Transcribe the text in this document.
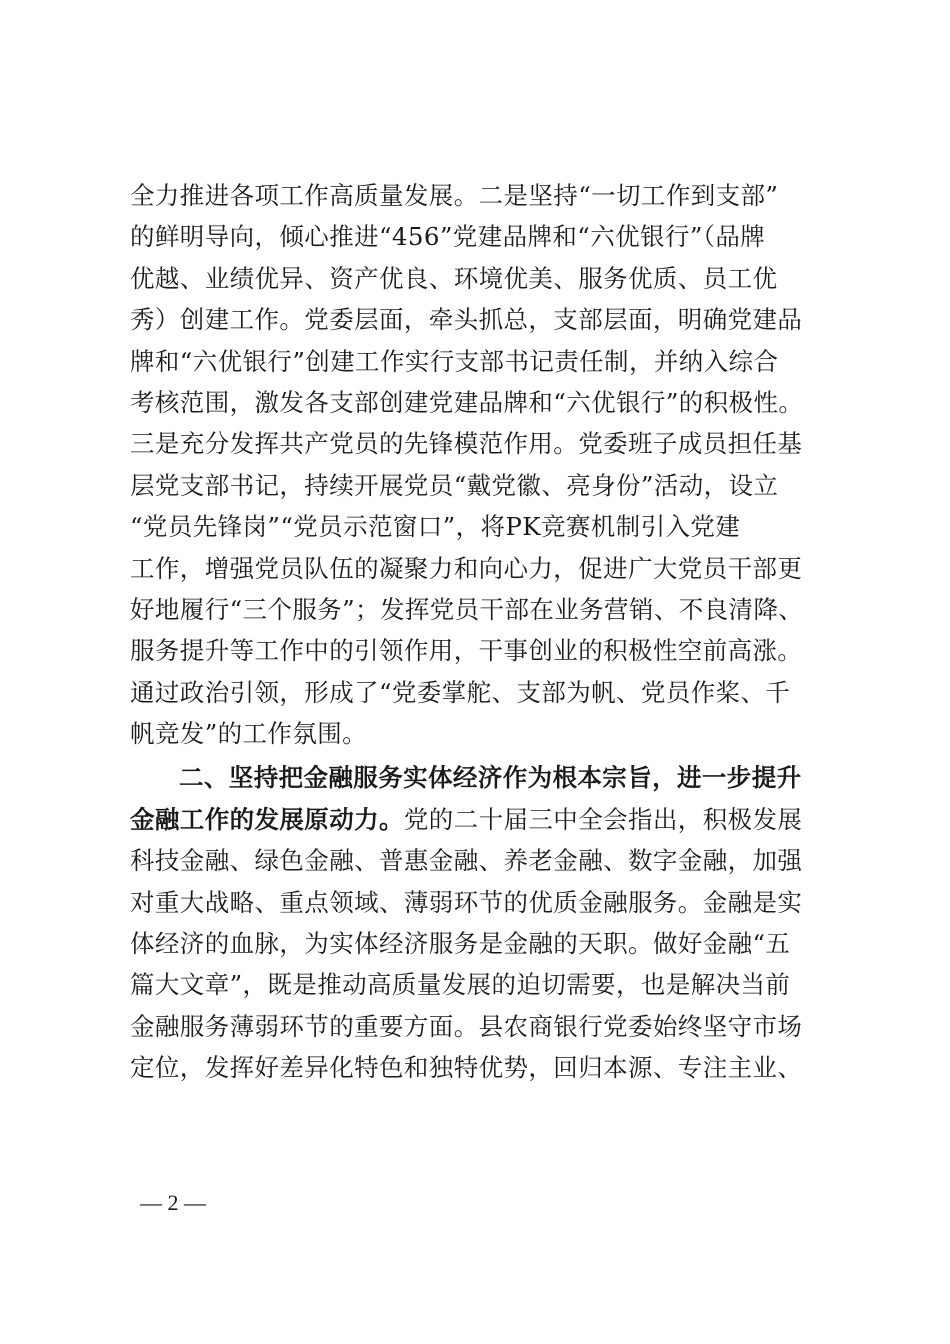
全力推进各项工作高质量发展。二是坚持“一切工作到支部”
的鲜明导向，倾心推进“456”党建品牌和“六优银行”（品牌
优越、业绩优异、资产优良、环境优美、服务优质、员工优
秀）创建工作。党委层面，牵头抓总，支部层面，明确党建品
牌和“六优银行”创建工作实行支部书记责任制，并纳入综合
考核范围，激发各支部创建党建品牌和“六优银行”的积极性。
三是充分发挥共产党员的先锋模范作用。党委班子成员担任基
层党支部书记，持续开展党员“戴党徽、亮身份”活动，设立
“党员先锋岗”“党员示范窗口”，将PK竞赛机制引入党建
工作，增强党员队伍的凝聚力和向心力，促进广大党员干部更
好地履行“三个服务”；发挥党员干部在业务营销、不良清降、
服务提升等工作中的引领作用，干事创业的积极性空前高涨。
通过政治引领，形成了“党委掌舵、支部为帆、党员作桨、千
帆竞发”的工作氛围。
二、坚持把金融服务实体经济作为根本宗旨，进一步提升
金融工作的发展原动力。党的二十届三中全会指出，积极发展
科技金融、绿色金融、普惠金融、养老金融、数字金融，加强
对重大战略、重点领域、薄弱环节的优质金融服务。金融是实
体经济的血脉，为实体经济服务是金融的天职。做好金融“五
篇大文章”，既是推动高质量发展的迫切需要，也是解决当前
金融服务薄弱环节的重要方面。县农商银行党委始终坚守市场
定位，发挥好差异化特色和独特优势，回归本源、专注主业、
— 2 —
